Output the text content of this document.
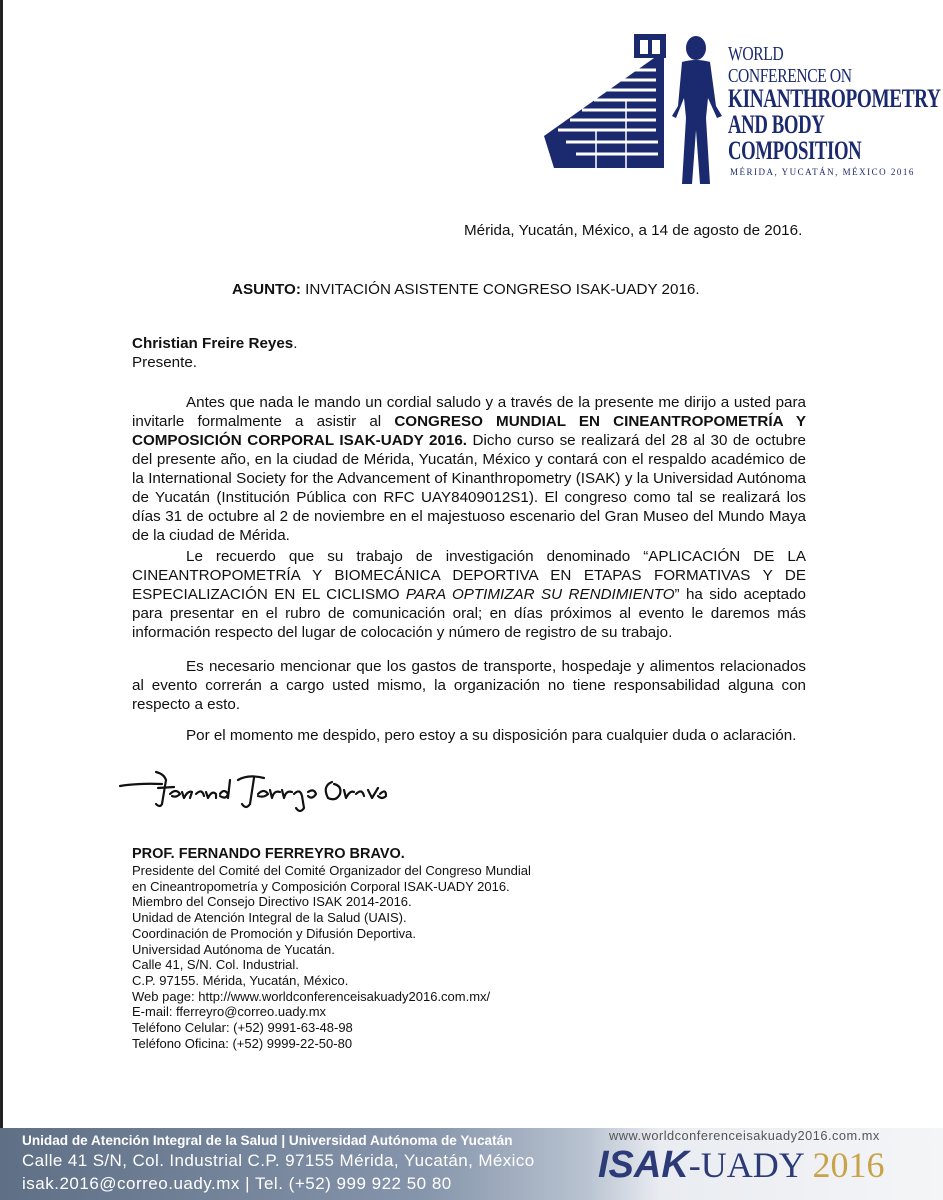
WORLD
CONFERENCE ON
KINANTHROPOMETRY
AND BODY COMPOSITION
MÉRIDA, YUCATÁN, MÉXICO 2016
Mérida, Yucatán, México, a 14 de agosto de 2016.
ASUNTO: INVITACIÓN ASISTENTE CONGRESO ISAK-UADY 2016.
Christian Freire Reyes.
Presente.
Antes que nada le mando un cordial saludo y a través de la presente me dirijo a usted para invitarle formalmente a asistir al CONGRESO MUNDIAL EN CINEANTROPOMETRÍA Y COMPOSICIÓN CORPORAL ISAK-UADY 2016. Dicho curso se realizará del 28 al 30 de octubre del presente año, en la ciudad de Mérida, Yucatán, México y contará con el respaldo académico de la International Society for the Advancement of Kinanthropometry (ISAK) y la Universidad Autónoma de Yucatán (Institución Pública con RFC UAY8409012S1). El congreso como tal se realizará los días 31 de octubre al 2 de noviembre en el majestuoso escenario del Gran Museo del Mundo Maya de la ciudad de Mérida.
Le recuerdo que su trabajo de investigación denominado “APLICACIÓN DE LA CINEANTROPOMETRÍA Y BIOMECÁNICA DEPORTIVA EN ETAPAS FORMATIVAS Y DE ESPECIALIZACIÓN EN EL CICLISMO PARA OPTIMIZAR SU RENDIMIENTO” ha sido aceptado para presentar en el rubro de comunicación oral; en días próximos al evento le daremos más información respecto del lugar de colocación y número de registro de su trabajo.
Es necesario mencionar que los gastos de transporte, hospedaje y alimentos relacionados al evento correrán a cargo usted mismo, la organización no tiene responsabilidad alguna con respecto a esto.
Por el momento me despido, pero estoy a su disposición para cualquier duda o aclaración.
PROF. FERNANDO FERREYRO BRAVO.
Presidente del Comité del Comité Organizador del Congreso Mundial
en Cineantropometría y Composición Corporal ISAK-UADY 2016.
Miembro del Consejo Directivo ISAK 2014-2016.
Unidad de Atención Integral de la Salud (UAIS).
Coordinación de Promoción y Difusión Deportiva.
Universidad Autónoma de Yucatán.
Calle 41, S/N. Col. Industrial.
C.P. 97155. Mérida, Yucatán, México.
Web page: http://www.worldconferenceisakuady2016.com.mx/
E-mail: fferreyro@correo.uady.mx
Teléfono Celular: (+52) 9991-63-48-98
Teléfono Oficina: (+52) 9999-22-50-80
Unidad de Atención Integral de la Salud | Universidad Autónoma de Yucatán
Calle 41 S/N, Col. Industrial C.P. 97155 Mérida, Yucatán, México
isak.2016@correo.uady.mx | Tel. (+52) 999 922 50 80
www.worldconferenceisakuady2016.com.mx
ISAK-UADY 2016
